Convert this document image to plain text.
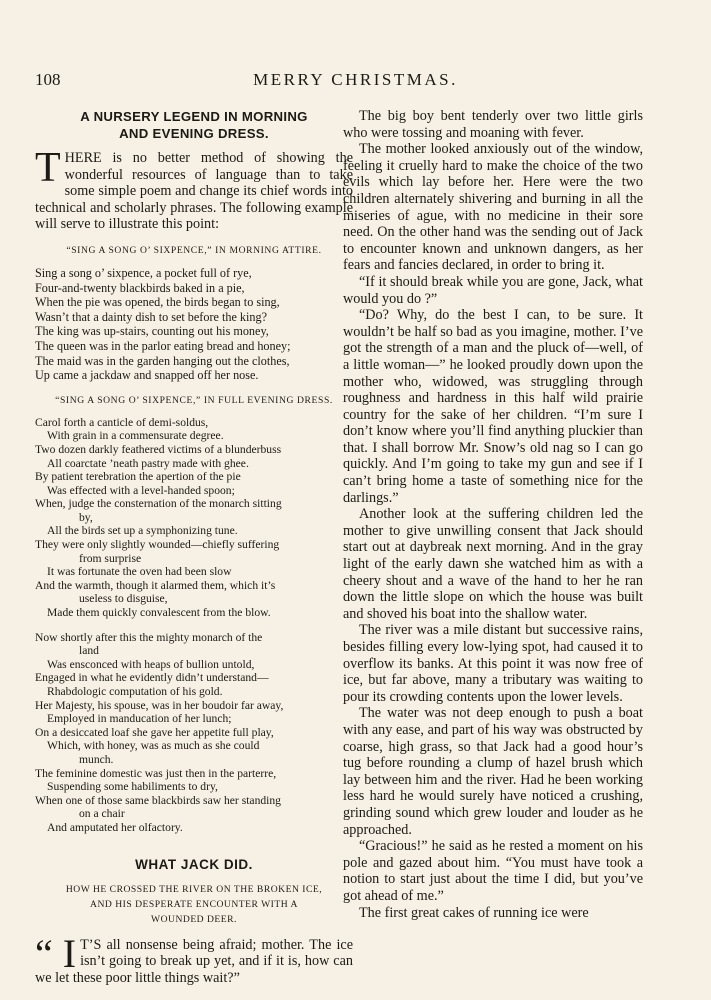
108	MERRY CHRISTMAS.
A NURSERY LEGEND IN MORNING
AND EVENING DRESS.

T HERE is no better method of showing the wonderful resources of language than to take some simple poem and change its chief words into technical and scholarly phrases. The following example will serve to illustrate this point:

“SING A SONG O’ SIXPENCE,” IN MORNING ATTIRE.
Sing a song o’ sixpence, a pocket full of rye,
Four-and-twenty blackbirds baked in a pie,
When the pie was opened, the birds began to sing,
Wasn’t that a dainty dish to set before the king?
The king was up-stairs, counting out his money,
The queen was in the parlor eating bread and honey;
The maid was in the garden hanging out the clothes,
Up came a jackdaw and snapped off her nose.
“SING A SONG O’ SIXPENCE,” IN FULL EVENING DRESS.
Carol forth a canticle of demi-soldus,
With grain in a commensurate degree.
Two dozen darkly feathered victims of a blunderbuss
All coarctate ’neath pastry made with ghee.
By patient terebration the apertion of the pie
Was effected with a level-handed spoon;
When, judge the consternation of the monarch sitting
by,
All the birds set up a symphonizing tune.
They were only slightly wounded—chiefly suffering
from surprise
It was fortunate the oven had been slow
And the warmth, though it alarmed them, which it’s
useless to disguise,
Made them quickly convalescent from the blow.
Now shortly after this the mighty monarch of the
land
Was ensconced with heaps of bullion untold,
Engaged in what he evidently didn’t understand—
Rhabdologic computation of his gold.
Her Majesty, his spouse, was in her boudoir far away,
Employed in manducation of her lunch;
On a desiccated loaf she gave her appetite full play,
Which, with honey, was as much as she could
munch.
The feminine domestic was just then in the parterre,
Suspending some habiliments to dry,
When one of those same blackbirds saw her standing
on a chair
And amputated her olfactory.
WHAT JACK DID.
HOW HE CROSSED THE RIVER ON THE BROKEN ICE,
AND HIS DESPERATE ENCOUNTER WITH A
WOUNDED DEER.

“ I T’S all nonsense being afraid; mother. The ice isn’t going to break up yet, and if it is, how can we let these poor little things wait?”

The big boy bent tenderly over two little girls who were tossing and moaning with fever.

The mother looked anxiously out of the window, feeling it cruelly hard to make the choice of the two evils which lay before her. Here were the two children alternately shivering and burning in all the miseries of ague, with no medicine in their sore need. On the other hand was the sending out of Jack to encounter known and unknown dangers, as her fears and fancies declared, in order to bring it.

“If it should break while you are gone, Jack, what would you do ?”

“Do? Why, do the best I can, to be sure. It wouldn’t be half so bad as you imagine, mother. I’ve got the strength of a man and the pluck of—well, of a little woman—” he looked proudly down upon the mother who, widowed, was struggling through roughness and hardness in this half wild prairie country for the sake of her children. “I’m sure I don’t know where you’ll find anything pluckier than that. I shall borrow Mr. Snow’s old nag so I can go quickly. And I’m going to take my gun and see if I can’t bring home a taste of something nice for the darlings.”

Another look at the suffering children led the mother to give unwilling consent that Jack should start out at daybreak next morning. And in the gray light of the early dawn she watched him as with a cheery shout and a wave of the hand to her he ran down the little slope on which the house was built and shoved his boat into the shallow water.

The river was a mile distant but successive rains, besides filling every low-lying spot, had caused it to overflow its banks. At this point it was now free of ice, but far above, many a tributary was waiting to pour its crowding contents upon the lower levels.

The water was not deep enough to push a boat with any ease, and part of his way was obstructed by coarse, high grass, so that Jack had a good hour’s tug before rounding a clump of hazel brush which lay between him and the river. Had he been working less hard he would surely have noticed a crushing, grinding sound which grew louder and louder as he approached.

“Gracious!” he said as he rested a moment on his pole and gazed about him. “You must have took a notion to start just about the time I did, but you’ve got ahead of me.”

The first great cakes of running ice were
